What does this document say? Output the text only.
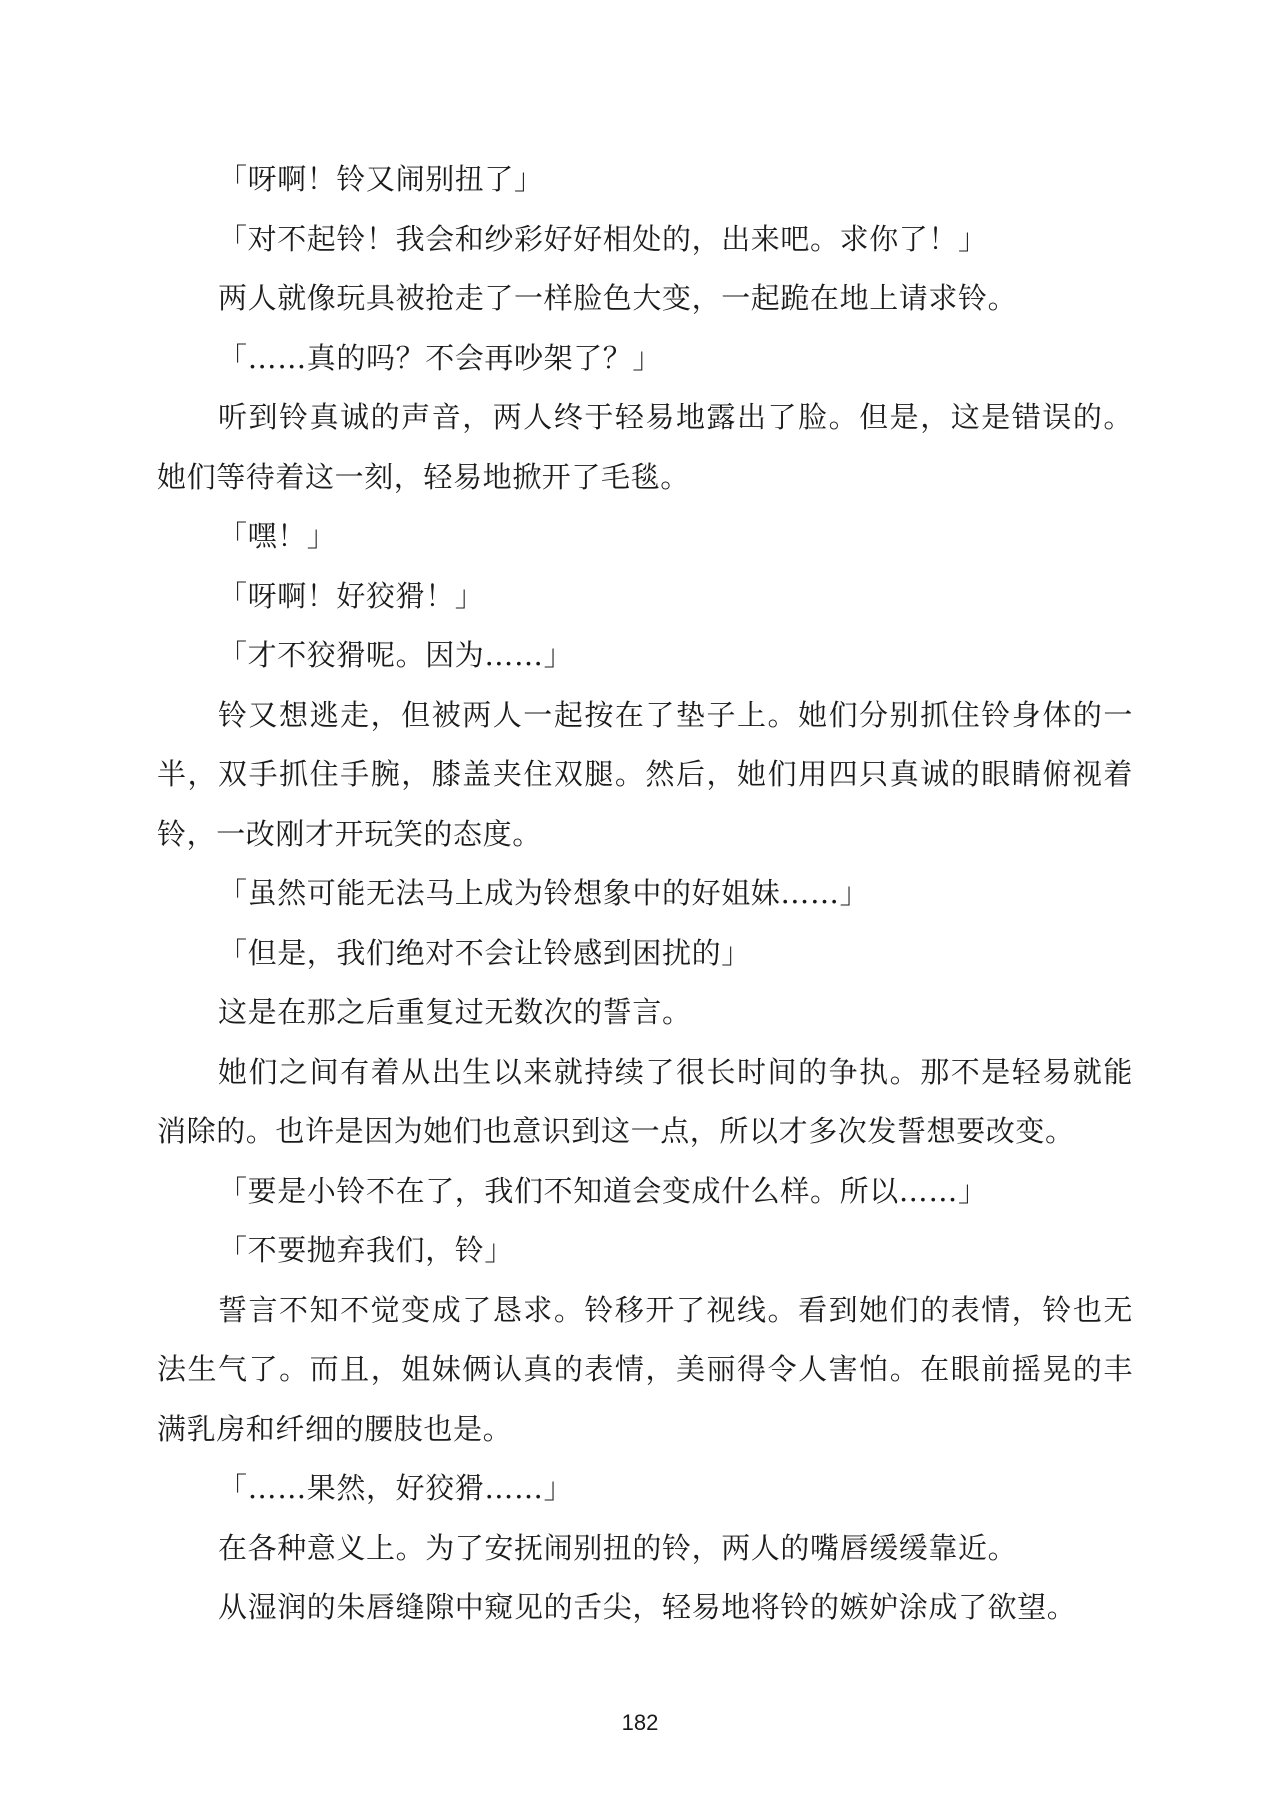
「呀啊！铃又闹别扭了」

「对不起铃！我会和纱彩好好相处的，出来吧。求你了！」

两人就像玩具被抢走了一样脸色大变，一起跪在地上请求铃。

「……真的吗？不会再吵架了？」

听到铃真诚的声音，两人终于轻易地露出了脸。但是，这是错误的。她们等待着这一刻，轻易地掀开了毛毯。

「嘿！」

「呀啊！好狡猾！」

「才不狡猾呢。因为……」

铃又想逃走，但被两人一起按在了垫子上。她们分别抓住铃身体的一半，双手抓住手腕，膝盖夹住双腿。然后，她们用四只真诚的眼睛俯视着铃，一改刚才开玩笑的态度。

「虽然可能无法马上成为铃想象中的好姐妹……」

「但是，我们绝对不会让铃感到困扰的」

这是在那之后重复过无数次的誓言。

她们之间有着从出生以来就持续了很长时间的争执。那不是轻易就能消除的。也许是因为她们也意识到这一点，所以才多次发誓想要改变。

「要是小铃不在了，我们不知道会变成什么样。所以……」

「不要抛弃我们，铃」

誓言不知不觉变成了恳求。铃移开了视线。看到她们的表情，铃也无法生气了。而且，姐妹俩认真的表情，美丽得令人害怕。在眼前摇晃的丰满乳房和纤细的腰肢也是。

「……果然，好狡猾……」

在各种意义上。为了安抚闹别扭的铃，两人的嘴唇缓缓靠近。

从湿润的朱唇缝隙中窥见的舌尖，轻易地将铃的嫉妒涂成了欲望。

182
